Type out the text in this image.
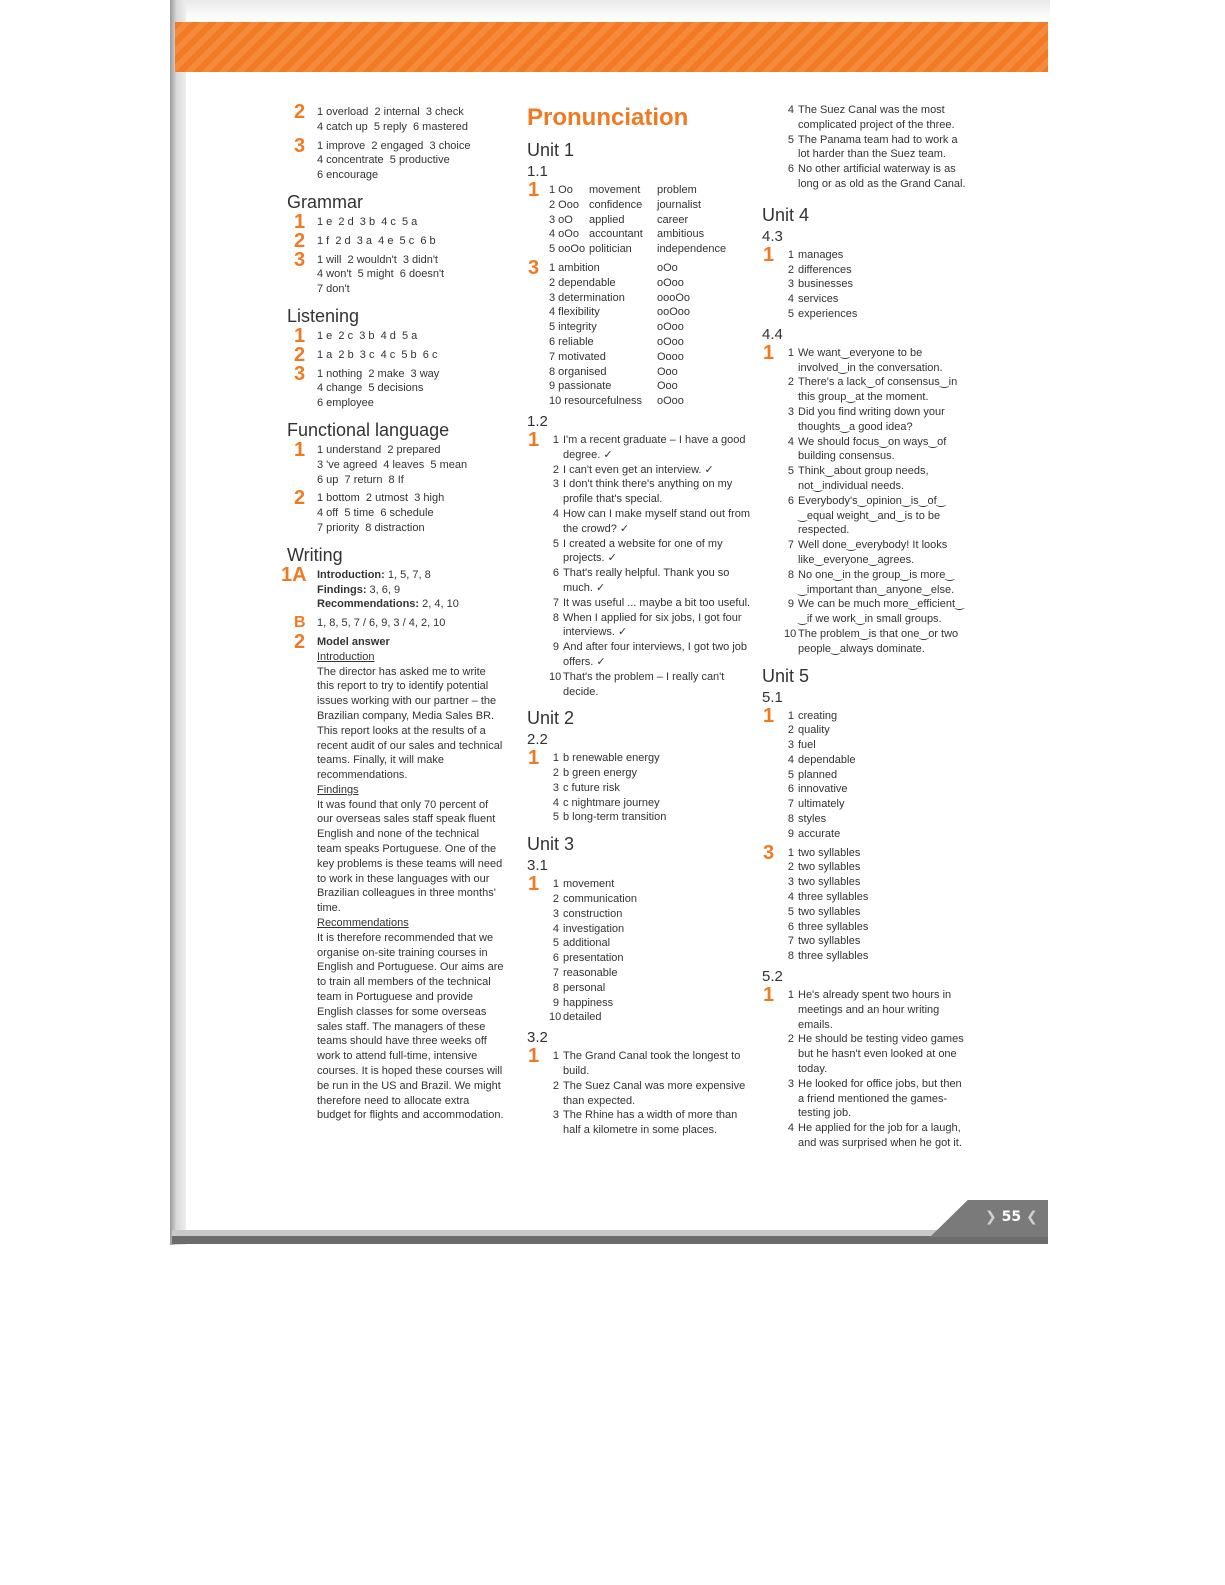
2 1 overload  2 internal  3 check
4 catch up  5 reply  6 mastered
3 1 improve  2 engaged  3 choice
4 concentrate  5 productive
6 encourage
Grammar
1 1 e  2 d  3 b  4 c  5 a
2 1 f  2 d  3 a  4 e  5 c  6 b
3 1 will  2 wouldn't  3 didn't
4 won't  5 might  6 doesn't
7 don't
Listening
1 1 e  2 c  3 b  4 d  5 a
2 1 a  2 b  3 c  4 c  5 b  6 c
3 1 nothing  2 make  3 way
4 change  5 decisions
6 employee
Functional language
1 1 understand  2 prepared
3 've agreed  4 leaves  5 mean
6 up  7 return  8 If
2 1 bottom  2 utmost  3 high
4 off  5 time  6 schedule
7 priority  8 distraction
Writing
1A Introduction: 1, 5, 7, 8
Findings: 3, 6, 9
Recommendations: 2, 4, 10
B 1, 8, 5, 7 / 6, 9, 3 / 4, 2, 10
2 Model answer
Introduction
The director has asked me to write this report to try to identify potential issues working with our partner – the Brazilian company, Media Sales BR. This report looks at the results of a recent audit of our sales and technical teams. Finally, it will make recommendations.
Findings
It was found that only 70 percent of our overseas sales staff speak fluent English and none of the technical team speaks Portuguese. One of the key problems is these teams will need to work in these languages with our Brazilian colleagues in three months' time.
Recommendations
It is therefore recommended that we organise on-site training courses in English and Portuguese. Our aims are to train all members of the technical team in Portuguese and provide English classes for some overseas sales staff. The managers of these teams should have three weeks off work to attend full-time, intensive courses. It is hoped these courses will be run in the US and Brazil. We might therefore need to allocate extra budget for flights and accommodation.
Pronunciation
Unit 1
1.1
1 1 Oo	movement	problem
2 Ooo confidence	journalist
3 oO	applied	career
4 oOo accountant	ambitious
5 ooOo politician	independence
3 1 ambition	oOo
2 dependable	oOoo
3 determination	oooOo
4 flexibility	ooOoo
5 integrity	oOoo
6 reliable	oOoo
7 motivated	Oooo
8 organised	Ooo
9 passionate	Ooo
10 resourcefulness	oOoo
1.2
1	1 I'm a recent graduate – I have a good degree. ✓
2 I can't even get an interview. ✓
3 I don't think there's anything on my profile that's special.
4 How can I make myself stand out from the crowd? ✓
5 I created a website for one of my projects. ✓
6 That's really helpful. Thank you so much. ✓
7 It was useful ... maybe a bit too useful.
8 When I applied for six jobs, I got four interviews. ✓
9 And after four interviews, I got two job offers. ✓
10 That's the problem – I really can't decide.
Unit 2
2.2
1	1 b renewable energy
2 b green energy
3 c future risk
4 c nightmare journey
5 b long-term transition
Unit 3
3.1
1	1 movement
2 communication
3 construction
4 investigation
5 additional
6 presentation
7 reasonable
8 personal
9 happiness
10 detailed
3.2
1	1 The Grand Canal took the longest to build.
2 The Suez Canal was more expensive than expected.
3 The Rhine has a width of more than half a kilometre in some places.
4 The Suez Canal was the most complicated project of the three.
5 The Panama team had to work a lot harder than the Suez team.
6 No other artificial waterway is as long or as old as the Grand Canal.
Unit 4
4.3
1	1 manages
2 differences
3 businesses
4 services
5 experiences
4.4
1	1 We want‿everyone to be involved‿in the conversation.
2 There's a lack‿of consensus‿in this group‿at the moment.
3 Did you find writing down your thoughts‿a good idea?
4 We should focus‿on ways‿of building consensus.
5 Think‿about group needs, not‿individual needs.
6 Everybody's‿opinion‿is‿of‿ ‿equal weight‿and‿is to be respected.
7 Well done‿everybody! It looks like‿everyone‿agrees.
8 No one‿in the group‿is more‿ ‿important than‿anyone‿else.
9 We can be much more‿efficient‿ ‿if we work‿in small groups.
10 The problem‿is that one‿or two people‿always dominate.
Unit 5
5.1
1	1 creating
2 quality
3 fuel
4 dependable
5 planned
6 innovative
7 ultimately
8 styles
9 accurate
3	1 two syllables
2 two syllables
3 two syllables
4 three syllables
5 two syllables
6 three syllables
7 two syllables
8 three syllables
5.2
1	1 He's already spent two hours in meetings and an hour writing emails.
2 He should be testing video games but he hasn't even looked at one today.
3 He looked for office jobs, but then a friend mentioned the games-testing job.
4 He applied for the job for a laugh, and was surprised when he got it.
❯ 55 ❮
